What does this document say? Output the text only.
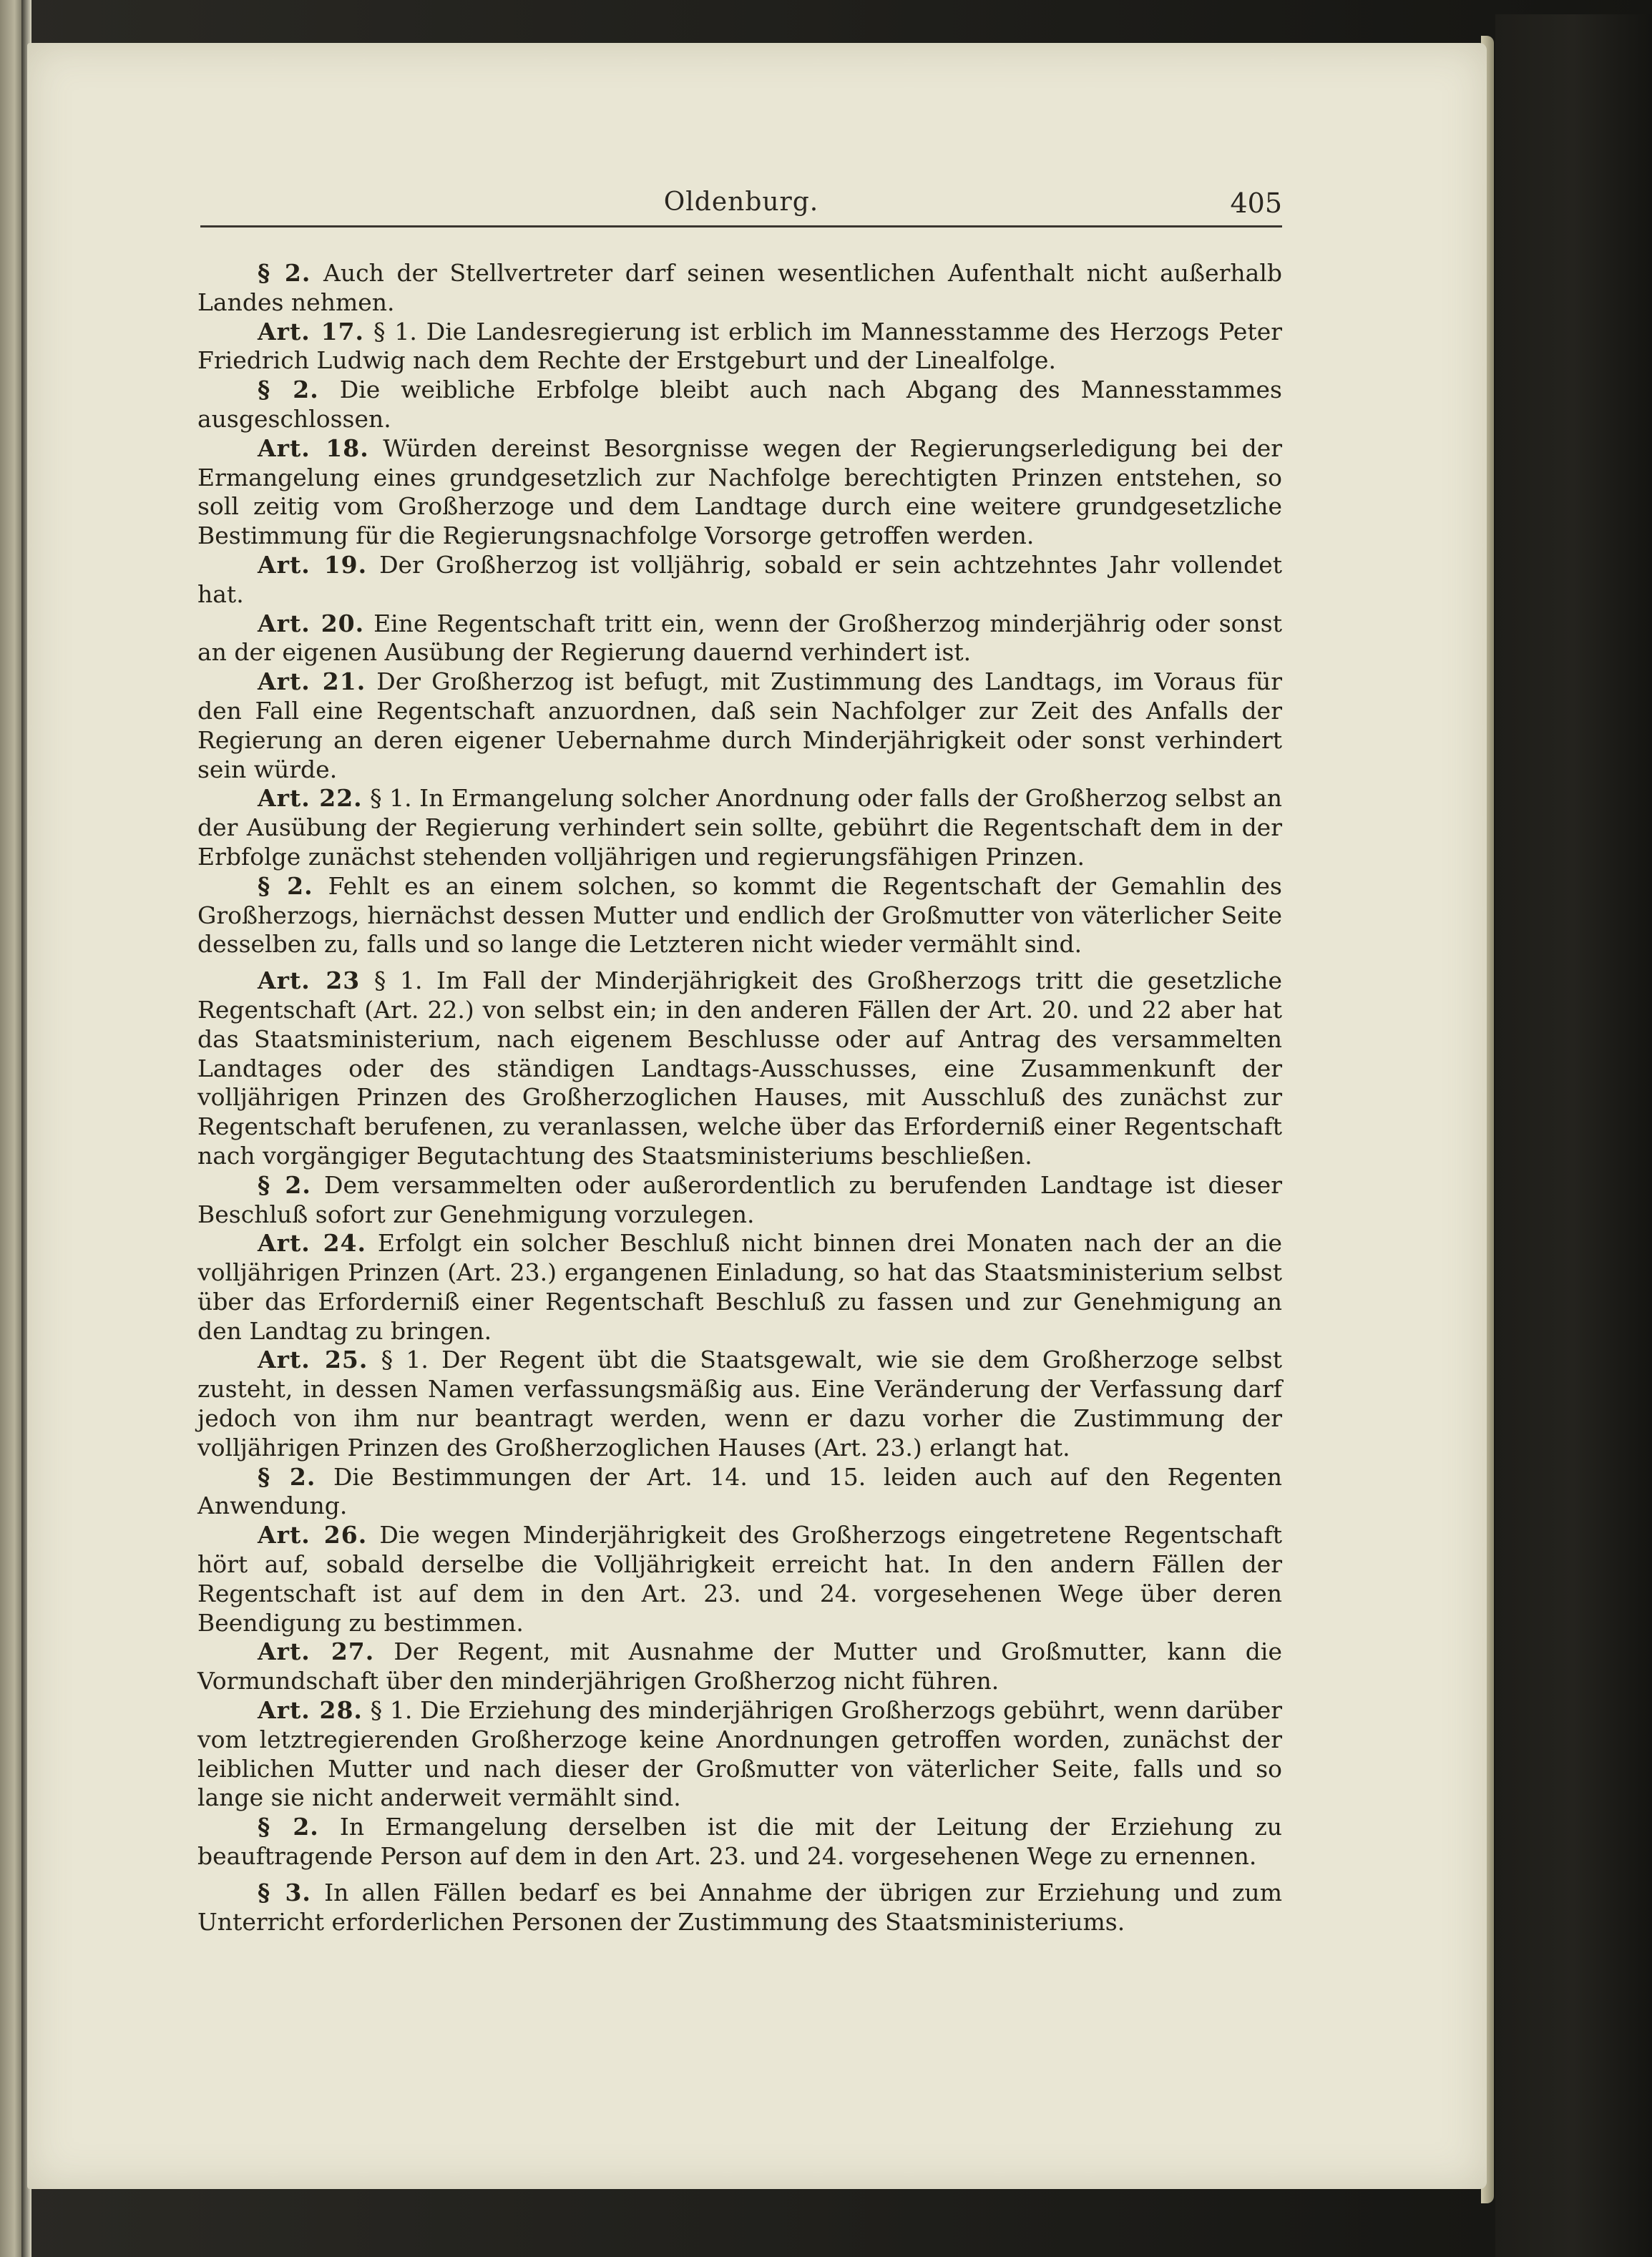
Oldenburg.	405

§ 2. Auch der Stellvertreter darf seinen wesentlichen Aufenthalt nicht außerhalb Landes nehmen.

Art. 17. § 1. Die Landesregierung ist erblich im Mannesstamme des Herzogs Peter Friedrich Ludwig nach dem Rechte der Erstgeburt und der Linealfolge.

§ 2. Die weibliche Erbfolge bleibt auch nach Abgang des Mannesstammes ausgeschlossen.

Art. 18. Würden dereinst Besorgnisse wegen der Regierungserledigung bei der Ermangelung eines grundgesetzlich zur Nachfolge berechtigten Prinzen entstehen, so soll zeitig vom Großherzoge und dem Landtage durch eine weitere grundgesetzliche Bestimmung für die Regierungsnachfolge Vorsorge getroffen werden.

Art. 19. Der Großherzog ist volljährig, sobald er sein achtzehntes Jahr vollendet hat.

Art. 20. Eine Regentschaft tritt ein, wenn der Großherzog minderjährig oder sonst an der eigenen Ausübung der Regierung dauernd verhindert ist.

Art. 21. Der Großherzog ist befugt, mit Zustimmung des Landtags, im Voraus für den Fall eine Regentschaft anzuordnen, daß sein Nachfolger zur Zeit des Anfalls der Regierung an deren eigener Uebernahme durch Minderjährigkeit oder sonst verhindert sein würde.

Art. 22. § 1. In Ermangelung solcher Anordnung oder falls der Großherzog selbst an der Ausübung der Regierung verhindert sein sollte, gebührt die Regentschaft dem in der Erbfolge zunächst stehenden volljährigen und regierungsfähigen Prinzen.

§ 2. Fehlt es an einem solchen, so kommt die Regentschaft der Gemahlin des Großherzogs, hiernächst dessen Mutter und endlich der Großmutter von väterlicher Seite desselben zu, falls und so lange die Letzteren nicht wieder vermählt sind.

Art. 23 § 1. Im Fall der Minderjährigkeit des Großherzogs tritt die gesetzliche Regentschaft (Art. 22.) von selbst ein; in den anderen Fällen der Art. 20. und 22 aber hat das Staatsministerium, nach eigenem Beschlusse oder auf Antrag des versammelten Landtages oder des ständigen Landtags-Ausschusses, eine Zusammenkunft der volljährigen Prinzen des Großherzoglichen Hauses, mit Ausschluß des zunächst zur Regentschaft berufenen, zu veranlassen, welche über das Erforderniß einer Regentschaft nach vorgängiger Begutachtung des Staatsministeriums beschließen.

§ 2. Dem versammelten oder außerordentlich zu berufenden Landtage ist dieser Beschluß sofort zur Genehmigung vorzulegen.

Art. 24. Erfolgt ein solcher Beschluß nicht binnen drei Monaten nach der an die volljährigen Prinzen (Art. 23.) ergangenen Einladung, so hat das Staatsministerium selbst über das Erforderniß einer Regentschaft Beschluß zu fassen und zur Genehmigung an den Landtag zu bringen.

Art. 25. § 1. Der Regent übt die Staatsgewalt, wie sie dem Großherzoge selbst zusteht, in dessen Namen verfassungsmäßig aus. Eine Veränderung der Verfassung darf jedoch von ihm nur beantragt werden, wenn er dazu vorher die Zustimmung der volljährigen Prinzen des Großherzoglichen Hauses (Art. 23.) erlangt hat.

§ 2. Die Bestimmungen der Art. 14. und 15. leiden auch auf den Regenten Anwendung.

Art. 26. Die wegen Minderjährigkeit des Großherzogs eingetretene Regentschaft hört auf, sobald derselbe die Volljährigkeit erreicht hat. In den andern Fällen der Regentschaft ist auf dem in den Art. 23. und 24. vorgesehenen Wege über deren Beendigung zu bestimmen.

Art. 27. Der Regent, mit Ausnahme der Mutter und Großmutter, kann die Vormundschaft über den minderjährigen Großherzog nicht führen.

Art. 28. § 1. Die Erziehung des minderjährigen Großherzogs gebührt, wenn darüber vom letztregierenden Großherzoge keine Anordnungen getroffen worden, zunächst der leiblichen Mutter und nach dieser der Großmutter von väterlicher Seite, falls und so lange sie nicht anderweit vermählt sind.

§ 2. In Ermangelung derselben ist die mit der Leitung der Erziehung zu beauftragende Person auf dem in den Art. 23. und 24. vorgesehenen Wege zu ernennen.

§ 3. In allen Fällen bedarf es bei Annahme der übrigen zur Erziehung und zum Unterricht erforderlichen Personen der Zustimmung des Staatsministeriums.
